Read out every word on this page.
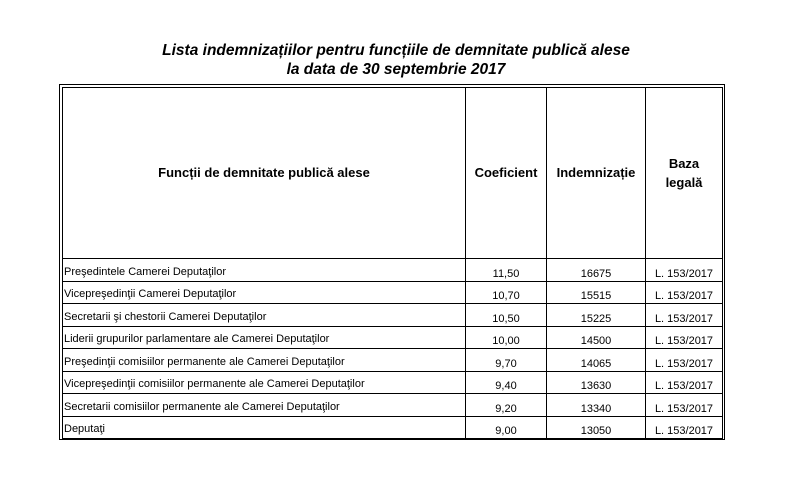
Lista indemnizațiilor pentru funcțiile de demnitate publică alese
la data de 30 septembrie 2017
Funcții de demnitate publică alese	Coeficient	Indemnizație	Baza legală
Preşedintele Camerei Deputaţilor	11,50	16675	L. 153/2017
Vicepreşedinţii Camerei Deputaţilor	10,70	15515	L. 153/2017
Secretarii şi chestorii Camerei Deputaţilor	10,50	15225	L. 153/2017
Liderii grupurilor parlamentare ale Camerei Deputaţilor	10,00	14500	L. 153/2017
Preşedinţii comisiilor permanente ale Camerei Deputaţilor	9,70	14065	L. 153/2017
Vicepreşedinţii comisiilor permanente ale Camerei Deputaţilor	9,40	13630	L. 153/2017
Secretarii comisiilor permanente ale Camerei Deputaţilor	9,20	13340	L. 153/2017
Deputaţi	9,00	13050	L. 153/2017
